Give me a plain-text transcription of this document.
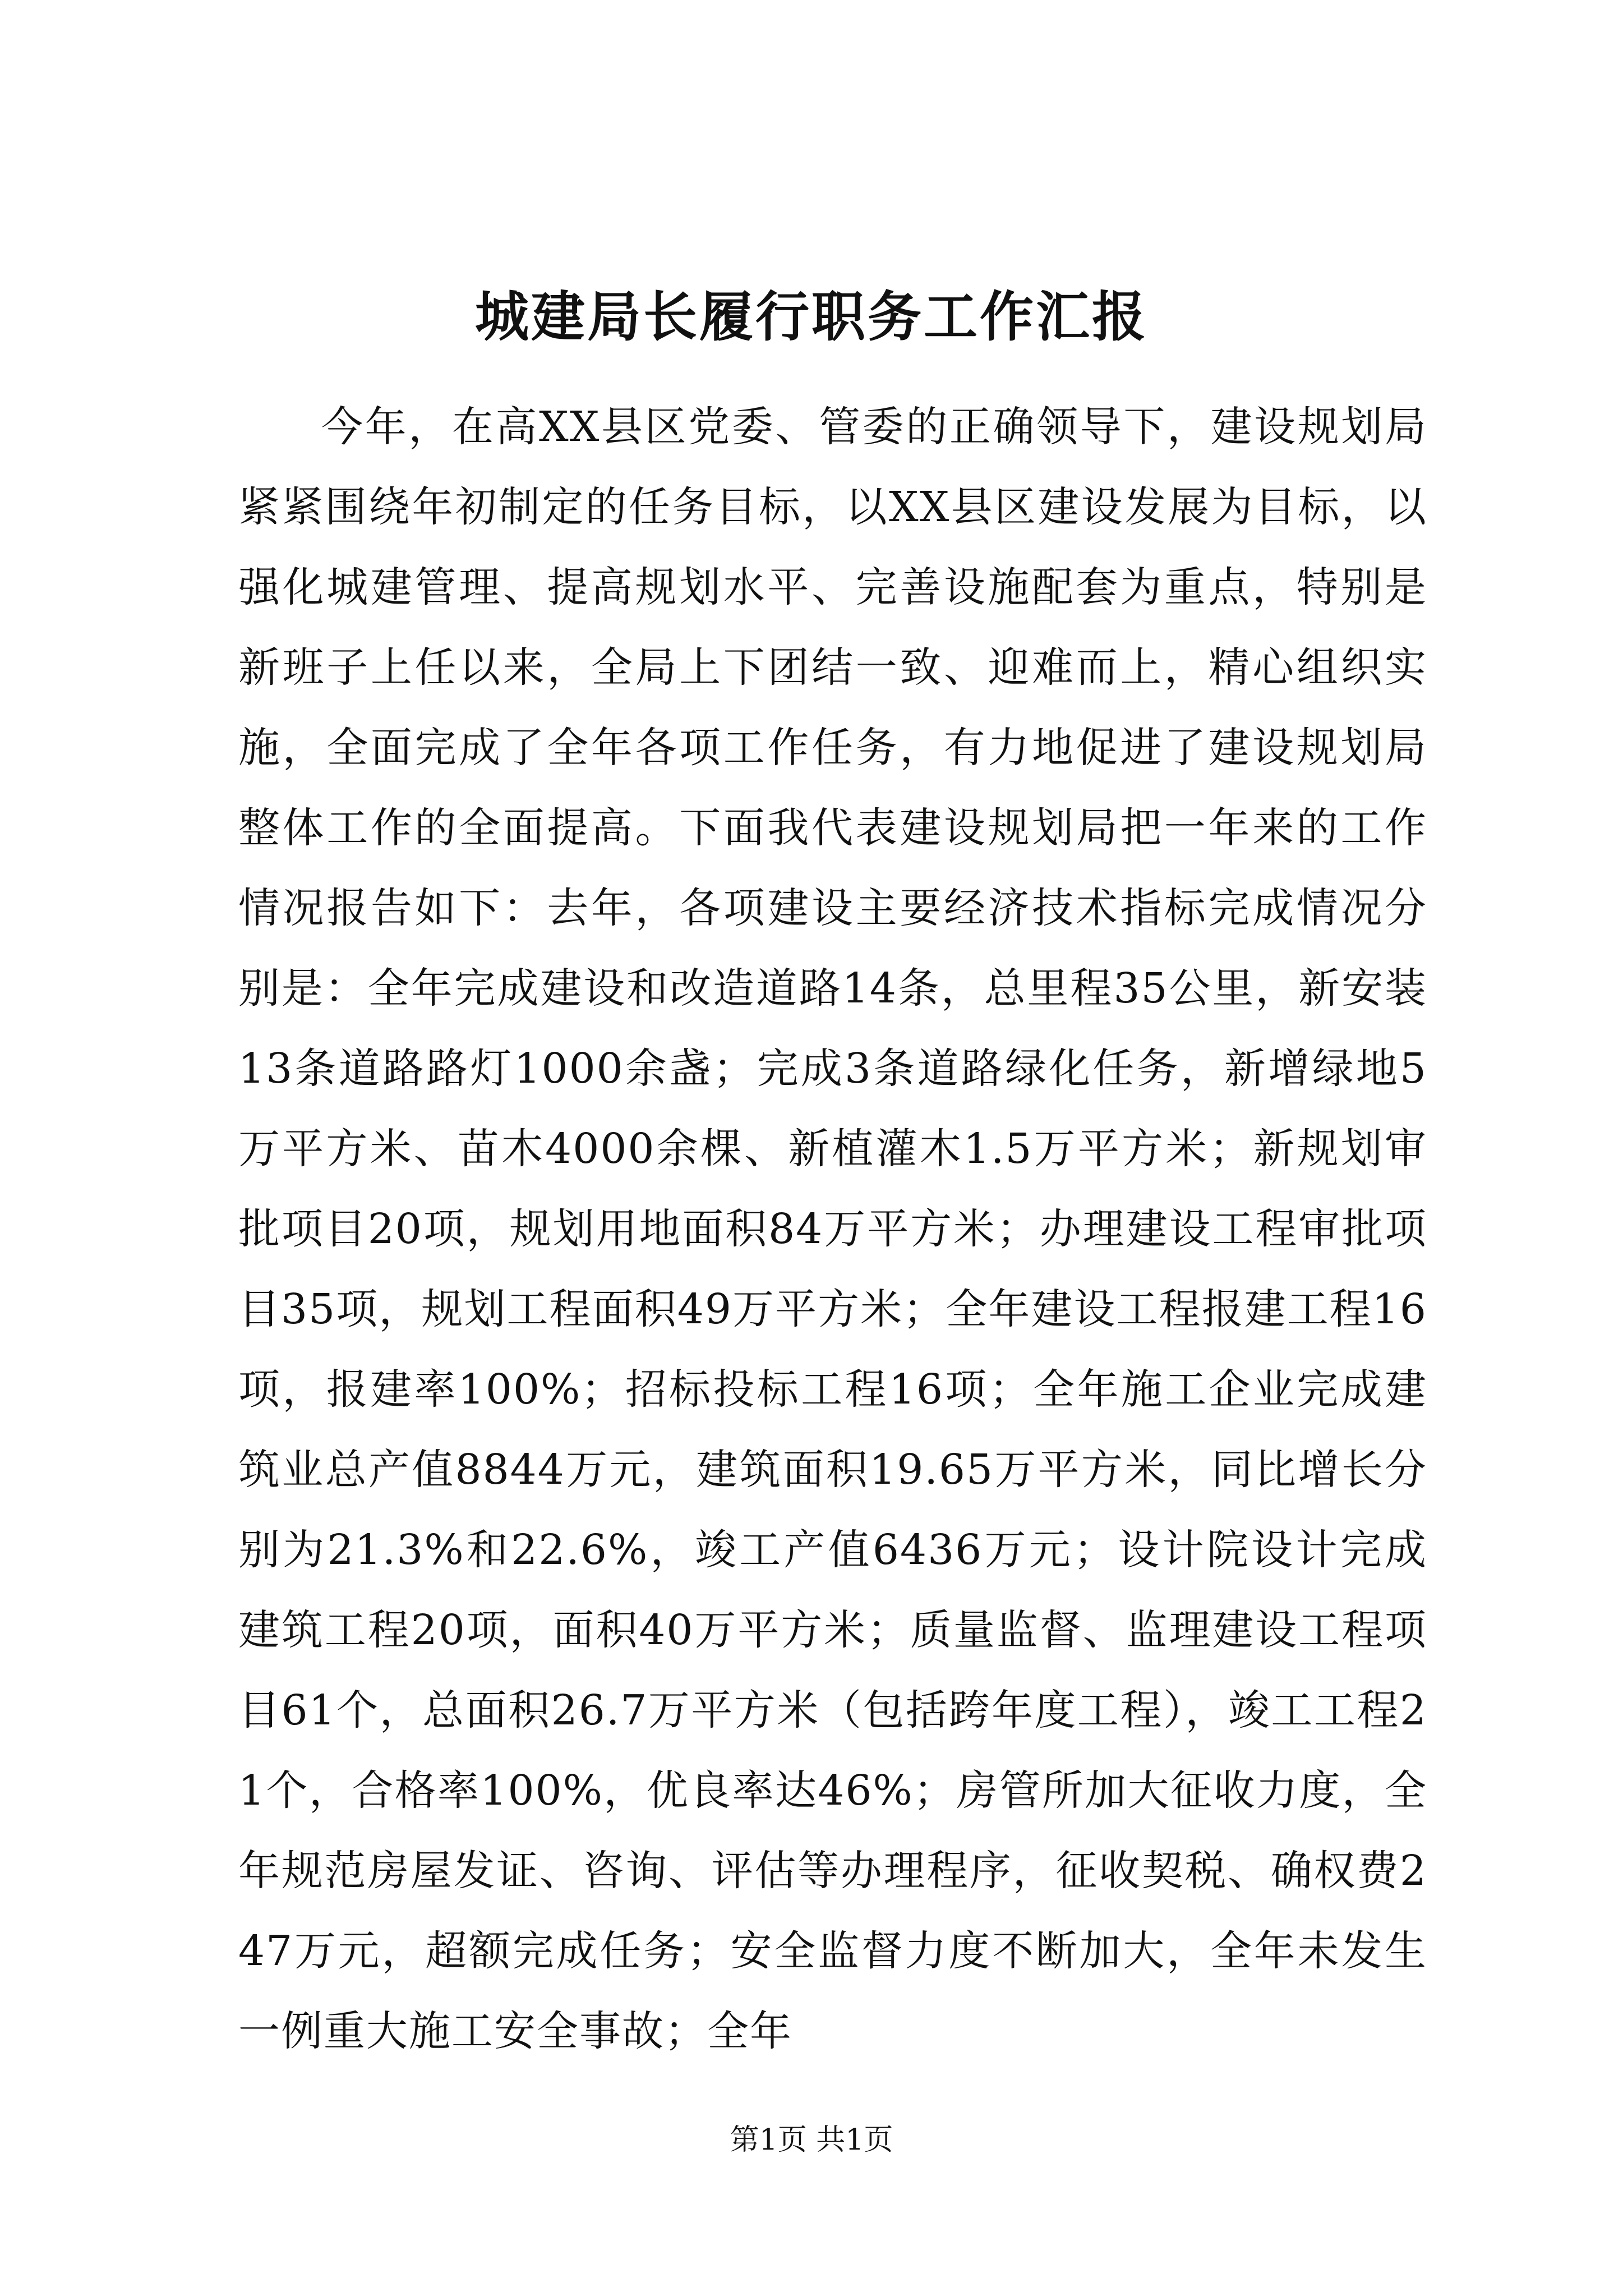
城建局长履行职务工作汇报

今年，在高XX县区党委、管委的正确领导下，建设规划局紧紧围绕年初制定的任务目标，以XX县区建设发展为目标，以强化城建管理、提高规划水平、完善设施配套为重点，特别是新班子上任以来，全局上下团结一致、迎难而上，精心组织实施，全面完成了全年各项工作任务，有力地促进了建设规划局整体工作的全面提高。下面我代表建设规划局把一年来的工作情况报告如下：去年，各项建设主要经济技术指标完成情况分别是：全年完成建设和改造道路14条，总里程35公里，新安装13条道路路灯1000余盏；完成3条道路绿化任务，新增绿地5万平方米、苗木4000余棵、新植灌木1.5万平方米；新规划审批项目20项，规划用地面积84万平方米；办理建设工程审批项目35项，规划工程面积49万平方米；全年建设工程报建工程16项，报建率100%；招标投标工程16项；全年施工企业完成建筑业总产值8844万元，建筑面积19.65万平方米，同比增长分别为21.3%和22.6%，竣工产值6436万元；设计院设计完成建筑工程20项，面积40万平方米；质量监督、监理建设工程项目61个，总面积26.7万平方米（包括跨年度工程），竣工工程21个，合格率100%，优良率达46%；房管所加大征收力度，全年规范房屋发证、咨询、评估等办理程序，征收契税、确权费247万元，超额完成任务；安全监督力度不断加大，全年未发生一例重大施工安全事故；全年

第1页 共1页
